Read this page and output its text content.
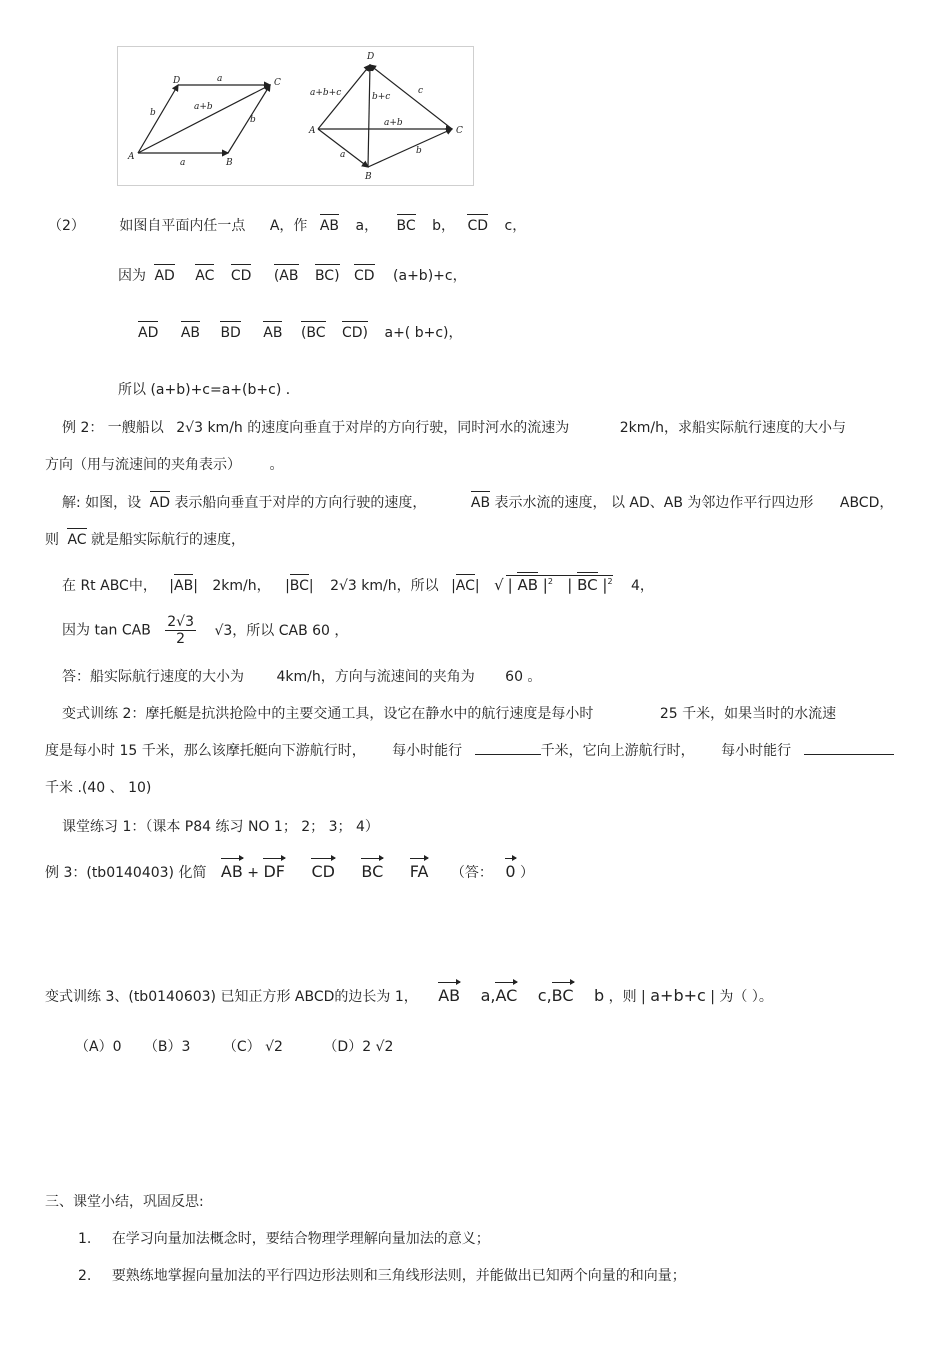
A
B
C
D	a
b
b
a
a+b
A
B
C
D
a+b+c	b+c
c
a+b
a	b
（2） 如图自平面内任一点 A，作 AB a， BC b， CD c，
因为 AD AC CD (AB BC) CD (a+b)+c，
AD AB BD AB (BC CD) a+( b+c)，
所以 (a+b)+c=a+(b+c) ．
例 2： 一艘船以 2√3 km/h 的速度向垂直于对岸的方向行驶，同时河水的流速为	2km/h，求船实际航行速度的大小与
方向（用与流速间的夹角表示） 。
解: 如图，设 AD 表示船向垂直于对岸的方向行驶的速度，	AB 表示水流的速度， 以 AD、AB 为邻边作平行四边形 ABCD，
则 AC 就是船实际航行的速度，
在 Rt ABC中， |AB| 2km/h， |BC| 2√3 km/h，所以 |AC| √ | AB $|^2$   | BC $|^2$ 4，
因为 tan CAB $\frac{2√3}{2} √3$，所以 CAB 60 ，
答：船实际航行速度的大小为 4km/h，方向与流速间的夹角为 60 。
变式训练 2：摩托艇是抗洪抢险中的主要交通工具，设它在静水中的航行速度是每小时	25 千米，如果当时的水流速
度是每小时 15 千米，那么该摩托艇向下游航行时， 每小时能行	千米，它向上游航行时， 每小时能行
千米 .(40 、 10)
课堂练习 1：（课本 P84 练习 NO 1； 2； 3； 4）
例 3：(tb0140403) 化简 AB + DF CD BC FA （答： 0 ）
变式训练 3、(tb0140603) 已知正方形 ABCD的边长为 1， AB a,AC c,BC b ，则 | a+b+c | 为（ ）。
（A）0 （B）3 （C） √2	（D）2 √2
三、课堂小结，巩固反思:
1. 在学习向量加法概念时，要结合物理学理解向量加法的意义；
2. 要熟练地掌握向量加法的平行四边形法则和三角线形法则，并能做出已知两个向量的和向量；
